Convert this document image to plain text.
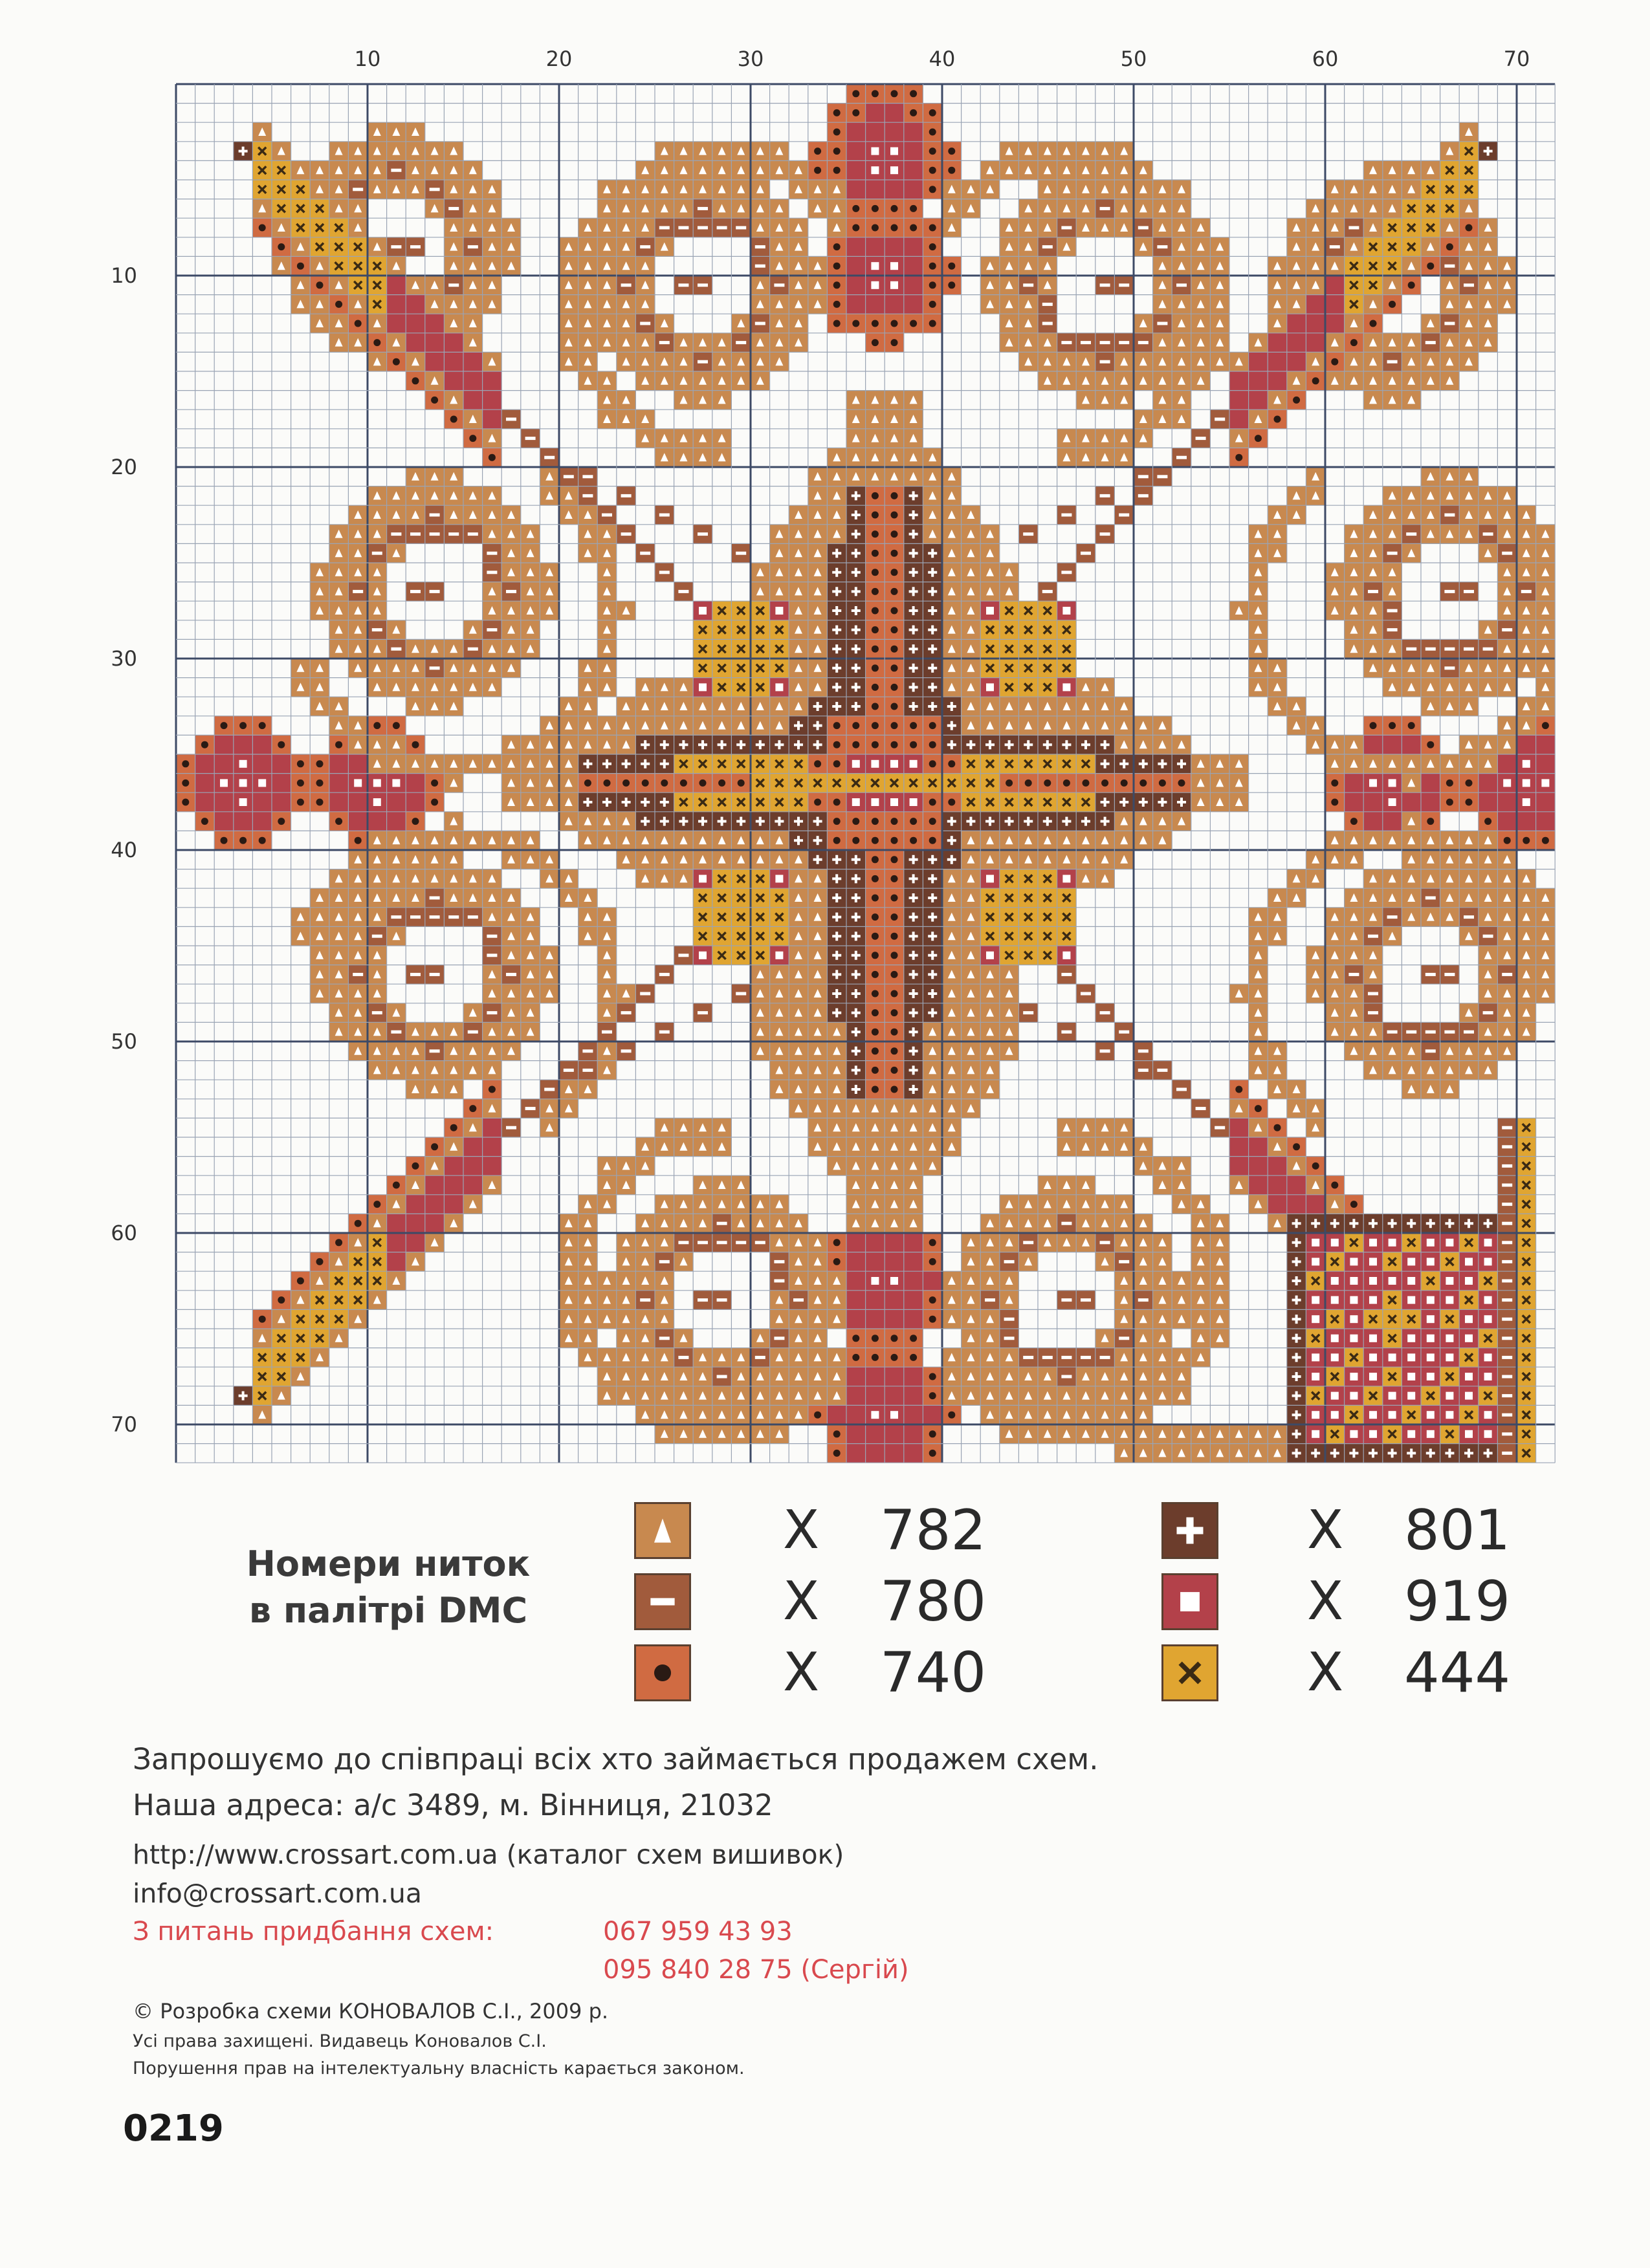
10	20	30	40	50	60	70
10
20
30
40
50
60
70
Номери ниток
в палітрі DMC
X 782
X 780
X 740
X 801
X 919
X 444
Запрошуємо до співпраці всіх хто займається продажем схем.
Наша адреса: а/с 3489, м. Вінниця, 21032
http://www.crossart.com.ua (каталог схем вишивок)
info@crossart.com.ua
З питань придбання схем:	067 959 43 93
095 840 28 75 (Сергій)
© Розробка схеми КОНОВАЛОВ С.І., 2009 р.
Усі права захищені. Видавець Коновалов С.І.
Порушення прав на інтелектуальну власність карається законом.
0219
